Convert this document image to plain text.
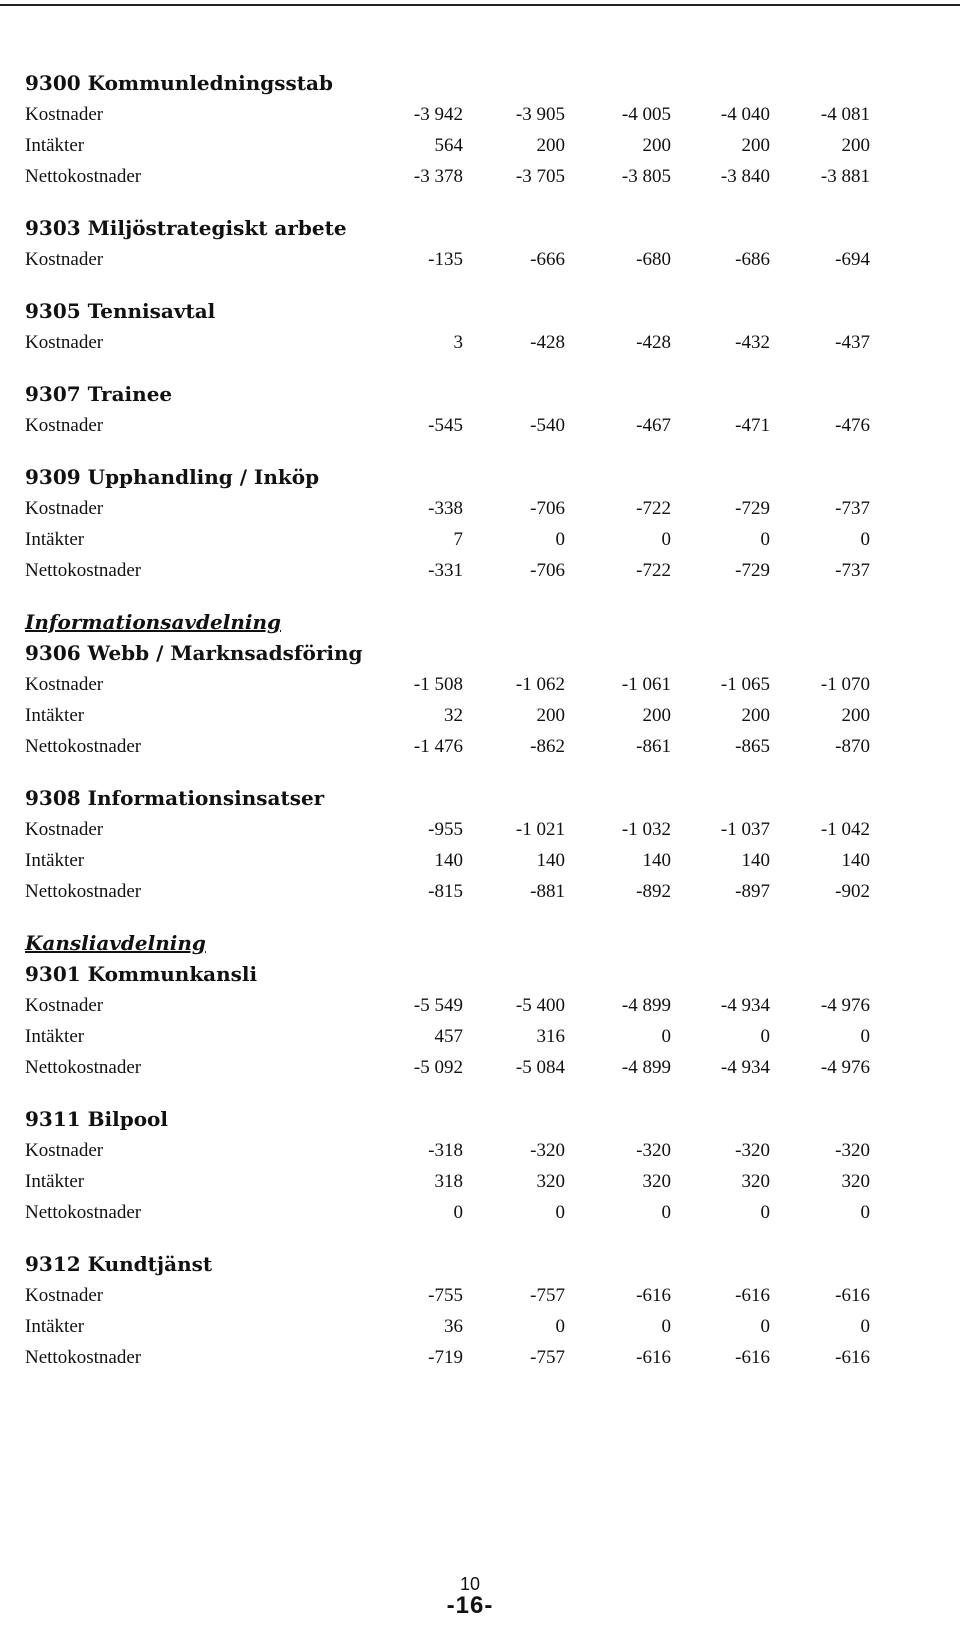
9300 Kommunledningsstab
Kostnader	-3 942	-3 905	-4 005	-4 040	-4 081
Intäkter	564	200	200	200	200
Nettokostnader	-3 378	-3 705	-3 805	-3 840	-3 881
9303 Miljöstrategiskt arbete
Kostnader	-135	-666	-680	-686	-694
9305 Tennisavtal
Kostnader	3	-428	-428	-432	-437
9307 Trainee
Kostnader	-545	-540	-467	-471	-476
9309 Upphandling / Inköp
Kostnader	-338	-706	-722	-729	-737
Intäkter	7	0	0	0	0
Nettokostnader	-331	-706	-722	-729	-737
Informationsavdelning
9306 Webb / Marknsadsföring
Kostnader	-1 508	-1 062	-1 061	-1 065	-1 070
Intäkter	32	200	200	200	200
Nettokostnader	-1 476	-862	-861	-865	-870
9308 Informationsinsatser
Kostnader	-955	-1 021	-1 032	-1 037	-1 042
Intäkter	140	140	140	140	140
Nettokostnader	-815	-881	-892	-897	-902
Kansliavdelning
9301 Kommunkansli
Kostnader	-5 549	-5 400	-4 899	-4 934	-4 976
Intäkter	457	316	0	0	0
Nettokostnader	-5 092	-5 084	-4 899	-4 934	-4 976
9311 Bilpool
Kostnader	-318	-320	-320	-320	-320
Intäkter	318	320	320	320	320
Nettokostnader	0	0	0	0	0
9312 Kundtjänst
Kostnader	-755	-757	-616	-616	-616
Intäkter	36	0	0	0	0
Nettokostnader	-719	-757	-616	-616	-616
10
-16-
